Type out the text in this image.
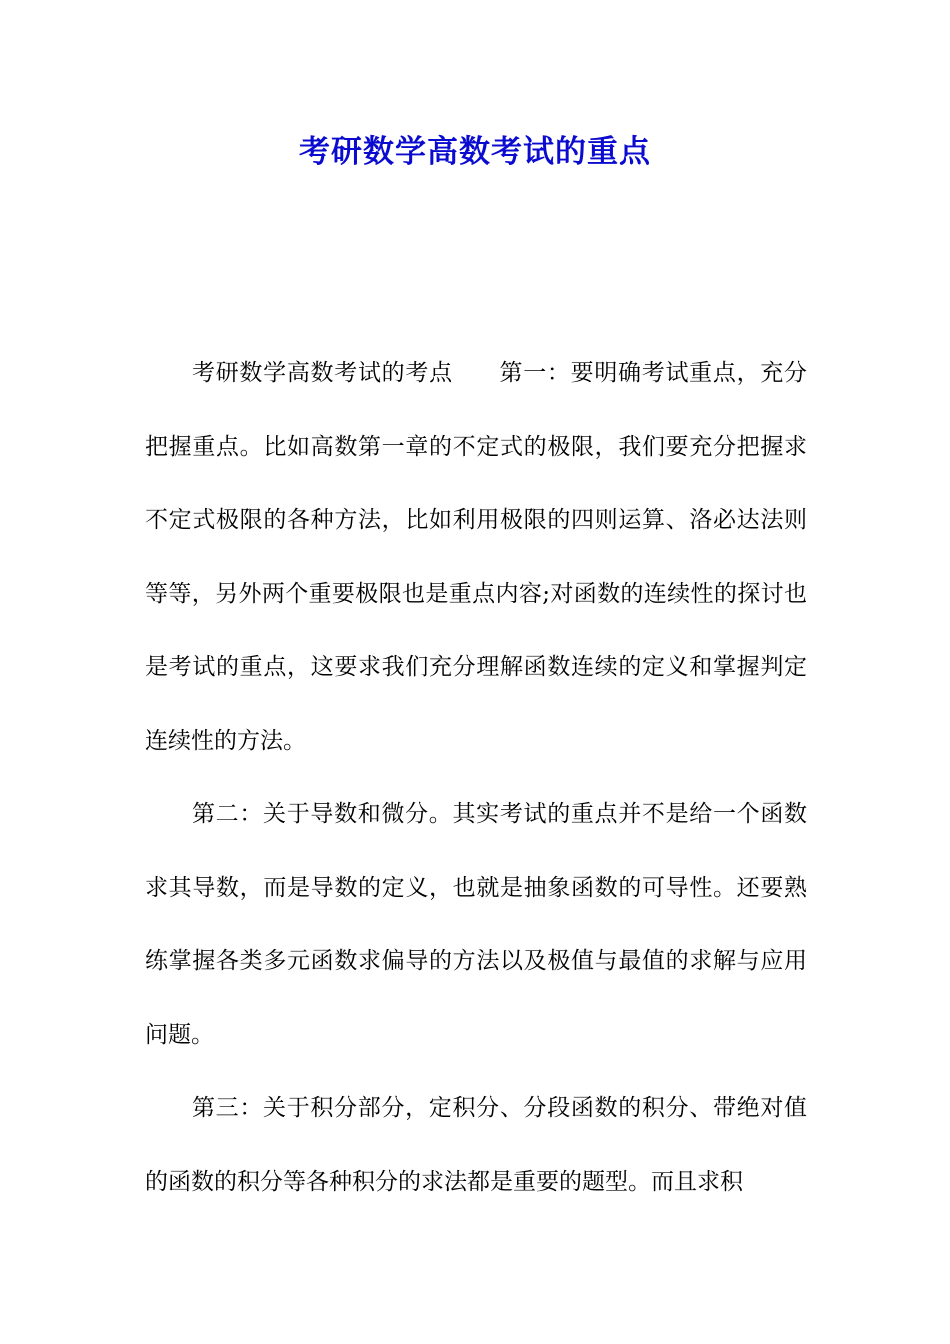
考研数学高数考试的重点

考研数学高数考试的考点 第一：要明确考试重点，充分把握重点。比如高数第一章的不定式的极限，我们要充分把握求不定式极限的各种方法，比如利用极限的四则运算、洛必达法则等等，另外两个重要极限也是重点内容;对函数的连续性的探讨也是考试的重点，这要求我们充分理解函数连续的定义和掌握判定连续性的方法。

第二：关于导数和微分。其实考试的重点并不是给一个函数求其导数，而是导数的定义，也就是抽象函数的可导性。还要熟练掌握各类多元函数求偏导的方法以及极值与最值的求解与应用问题。

第三：关于积分部分，定积分、分段函数的积分、带绝对值的函数的积分等各种积分的求法都是重要的题型。而且求积
